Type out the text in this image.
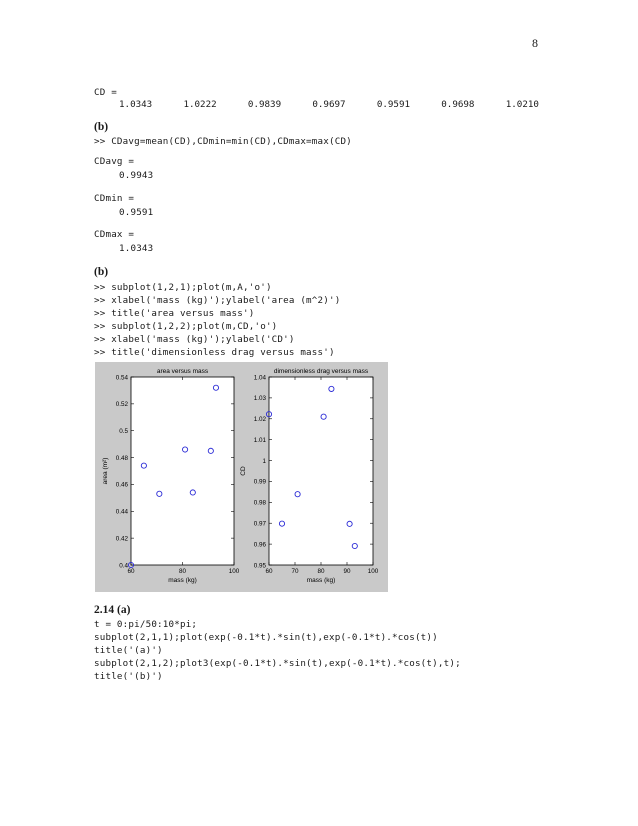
8
CD =
1.0343	1.0222	0.9839	0.9697	0.9591	0.9698	1.0210
(b)
>> CDavg=mean(CD),CDmin=min(CD),CDmax=max(CD)
CDavg =
0.9943
CDmin =
0.9591
CDmax =
1.0343
(b)
>> subplot(1,2,1);plot(m,A,'o')
>> xlabel('mass (kg)');ylabel('area (m^2)')
>> title('area versus mass')
>> subplot(1,2,2);plot(m,CD,'o')
>> xlabel('mass (kg)');ylabel('CD')
>> title('dimensionless drag versus mass')
area versus mass
0.4
0.42
0.44
0.46
0.48
0.5
0.52
0.54
60	80	100
mass (kg)
area (m²)
dimensionless drag versus mass
0.95
0.96
0.97
0.98
0.99
1
1.01
1.02
1.03
1.04
60	70	80	90	100
mass (kg)
CD
2.14 (a)
t = 0:pi/50:10*pi;
subplot(2,1,1);plot(exp(-0.1*t).*sin(t),exp(-0.1*t).*cos(t))
title('(a)')
subplot(2,1,2);plot3(exp(-0.1*t).*sin(t),exp(-0.1*t).*cos(t),t);
title('(b)')
